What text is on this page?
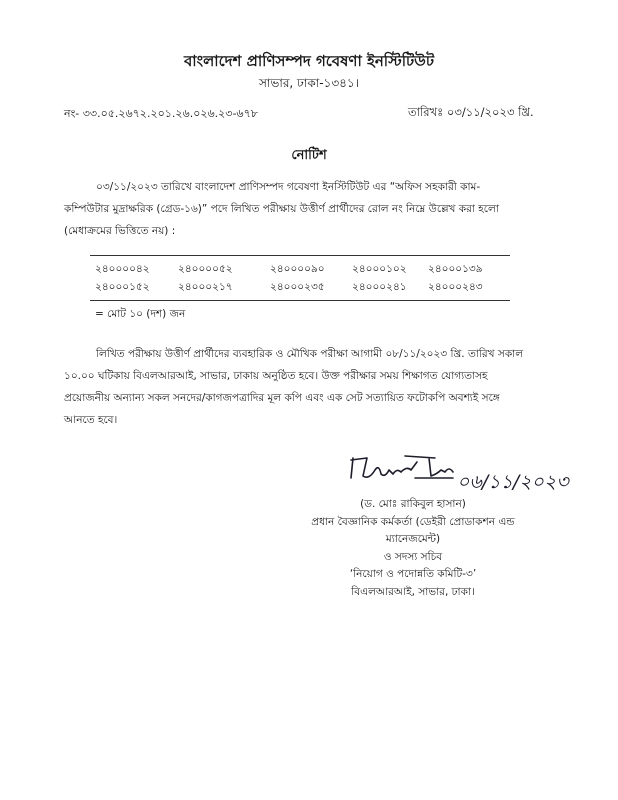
বাংলাদেশ প্রাণিসম্পদ গবেষণা ইনস্টিটিউট
সাভার, ঢাকা-১৩৪১।
নং- ৩৩.০৫.২৬৭২.২০১.২৬.০২৬.২৩-৬৭৮	তারিখঃ ০৩/১১/২০২৩ খ্রি.
নোটিশ
০৩/১১/২০২৩ তারিখে বাংলাদেশ প্রাণিসম্পদ গবেষণা ইনস্টিটিউট এর “অফিস সহকারী কাম-
কম্পিউটার মুদ্রাক্ষরিক (গ্রেড-১৬)” পদে লিখিত পরীক্ষায় উত্তীর্ণ প্রার্থীদের রোল নং নিম্নে উল্লেখ করা হলো
(মেধাক্রমের ভিত্তিতে নয়) :
২৪০০০০৪২	২৪০০০০৫২	২৪০০০০৯০	২৪০০০১০২ ২৪০০০১৩৯
২৪০০০১৫২	২৪০০০২১৭	২৪০০০২৩৫	২৪০০০২৪১ ২৪০০০২৪৩
= মোট ১০ (দশ) জন
লিখিত পরীক্ষায় উত্তীর্ণ প্রার্থীদের ব্যবহারিক ও মৌখিক পরীক্ষা আগামী ০৮/১১/২০২৩ খ্রি. তারিখ সকাল
১০.০০ ঘটিকায় বিএলআরআই, সাভার, ঢাকায় অনুষ্ঠিত হবে। উক্ত পরীক্ষার সময় শিক্ষাগত যোগ্যতাসহ
প্রয়োজনীয় অন্যান্য সকল সনদের/কাগজপত্রাদির মূল কপি এবং এক সেট সত্যায়িত ফটোকপি অবশ্যই সঙ্গে
আনতে হবে।
০৬/১১/২০২৩
(ড. মোঃ রাকিবুল হাসান)
প্রধান বৈজ্ঞানিক কর্মকর্তা (ডেইরী প্রোডাকশন এন্ড
ম্যানেজমেন্ট)
ও সদস্য সচিব
‘নিয়োগ ও পদোন্নতি কমিটি-৩’
বিএলআরআই, সাভার, ঢাকা।
